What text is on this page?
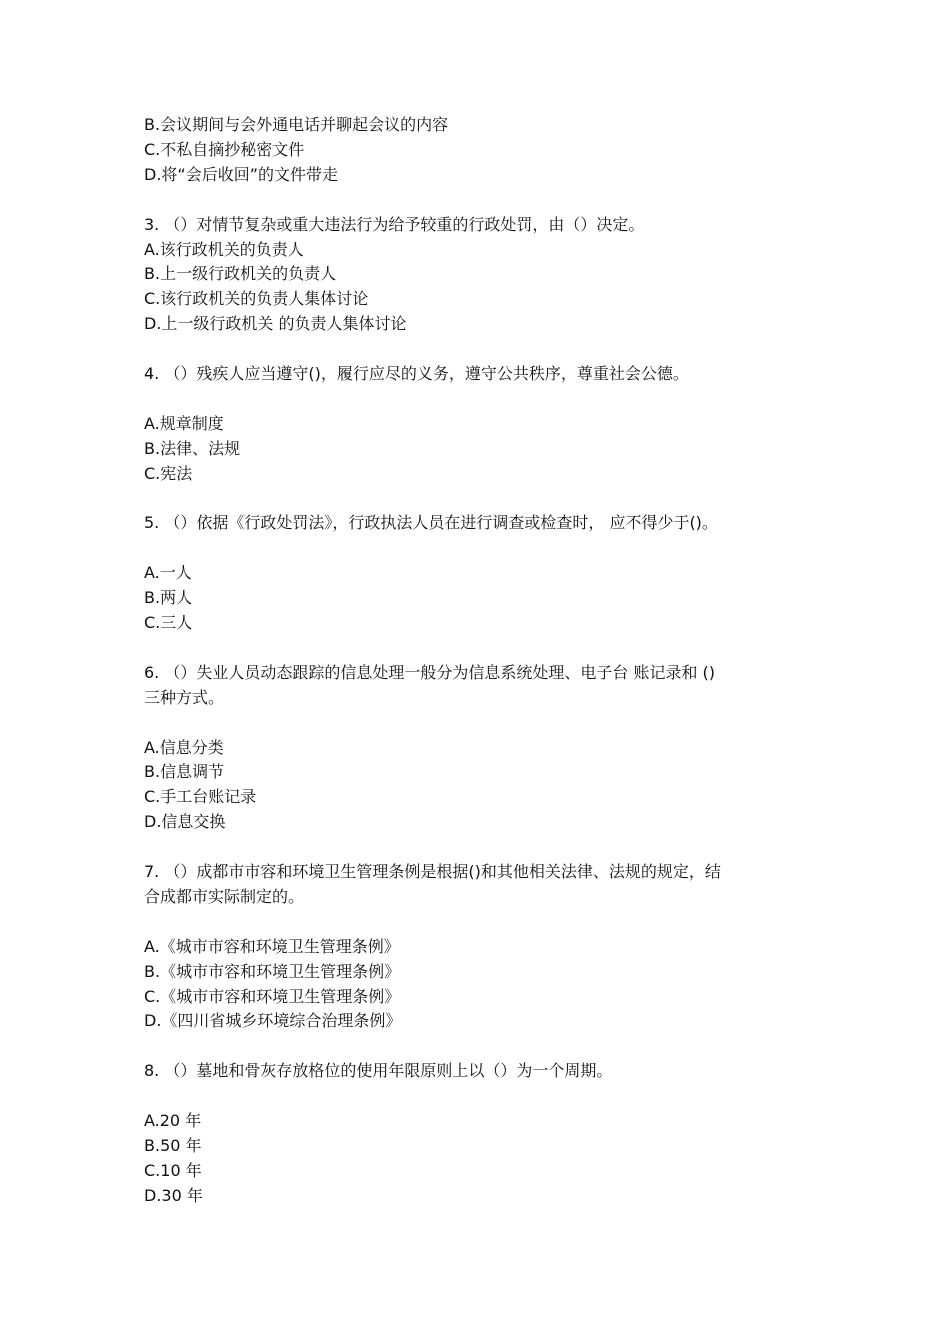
B.会议期间与会外通电话并聊起会议的内容
C.不私自摘抄秘密文件
D.将“会后收回”的文件带走
3. （）对情节复杂或重大违法行为给予较重的行政处罚，由（）决定。
A.该行政机关的负责人
B.上一级行政机关的负责人
C.该行政机关的负责人集体讨论
D.上一级行政机关 的负责人集体讨论
4. （）残疾人应当遵守()，履行应尽的义务，遵守公共秩序，尊重社会公德。
A.规章制度
B.法律、法规
C.宪法
5. （）依据《行政处罚法》，行政执法人员在进行调查或检查时， 应不得少于()。
A.一人
B.两人
C.三人
6. （）失业人员动态跟踪的信息处理一般分为信息系统处理、电子台 账记录和 ()
三种方式。
A.信息分类
B.信息调节
C.手工台账记录
D.信息交换
7. （）成都市市容和环境卫生管理条例是根据()和其他相关法律、法规的规定，结
合成都市实际制定的。
A.《城市市容和环境卫生管理条例》
B.《城市市容和环境卫生管理条例》
C.《城市市容和环境卫生管理条例》
D.《四川省城乡环境综合治理条例》
8. （）墓地和骨灰存放格位的使用年限原则上以（）为一个周期。
A.20 年
B.50 年
C.10 年
D.30 年
